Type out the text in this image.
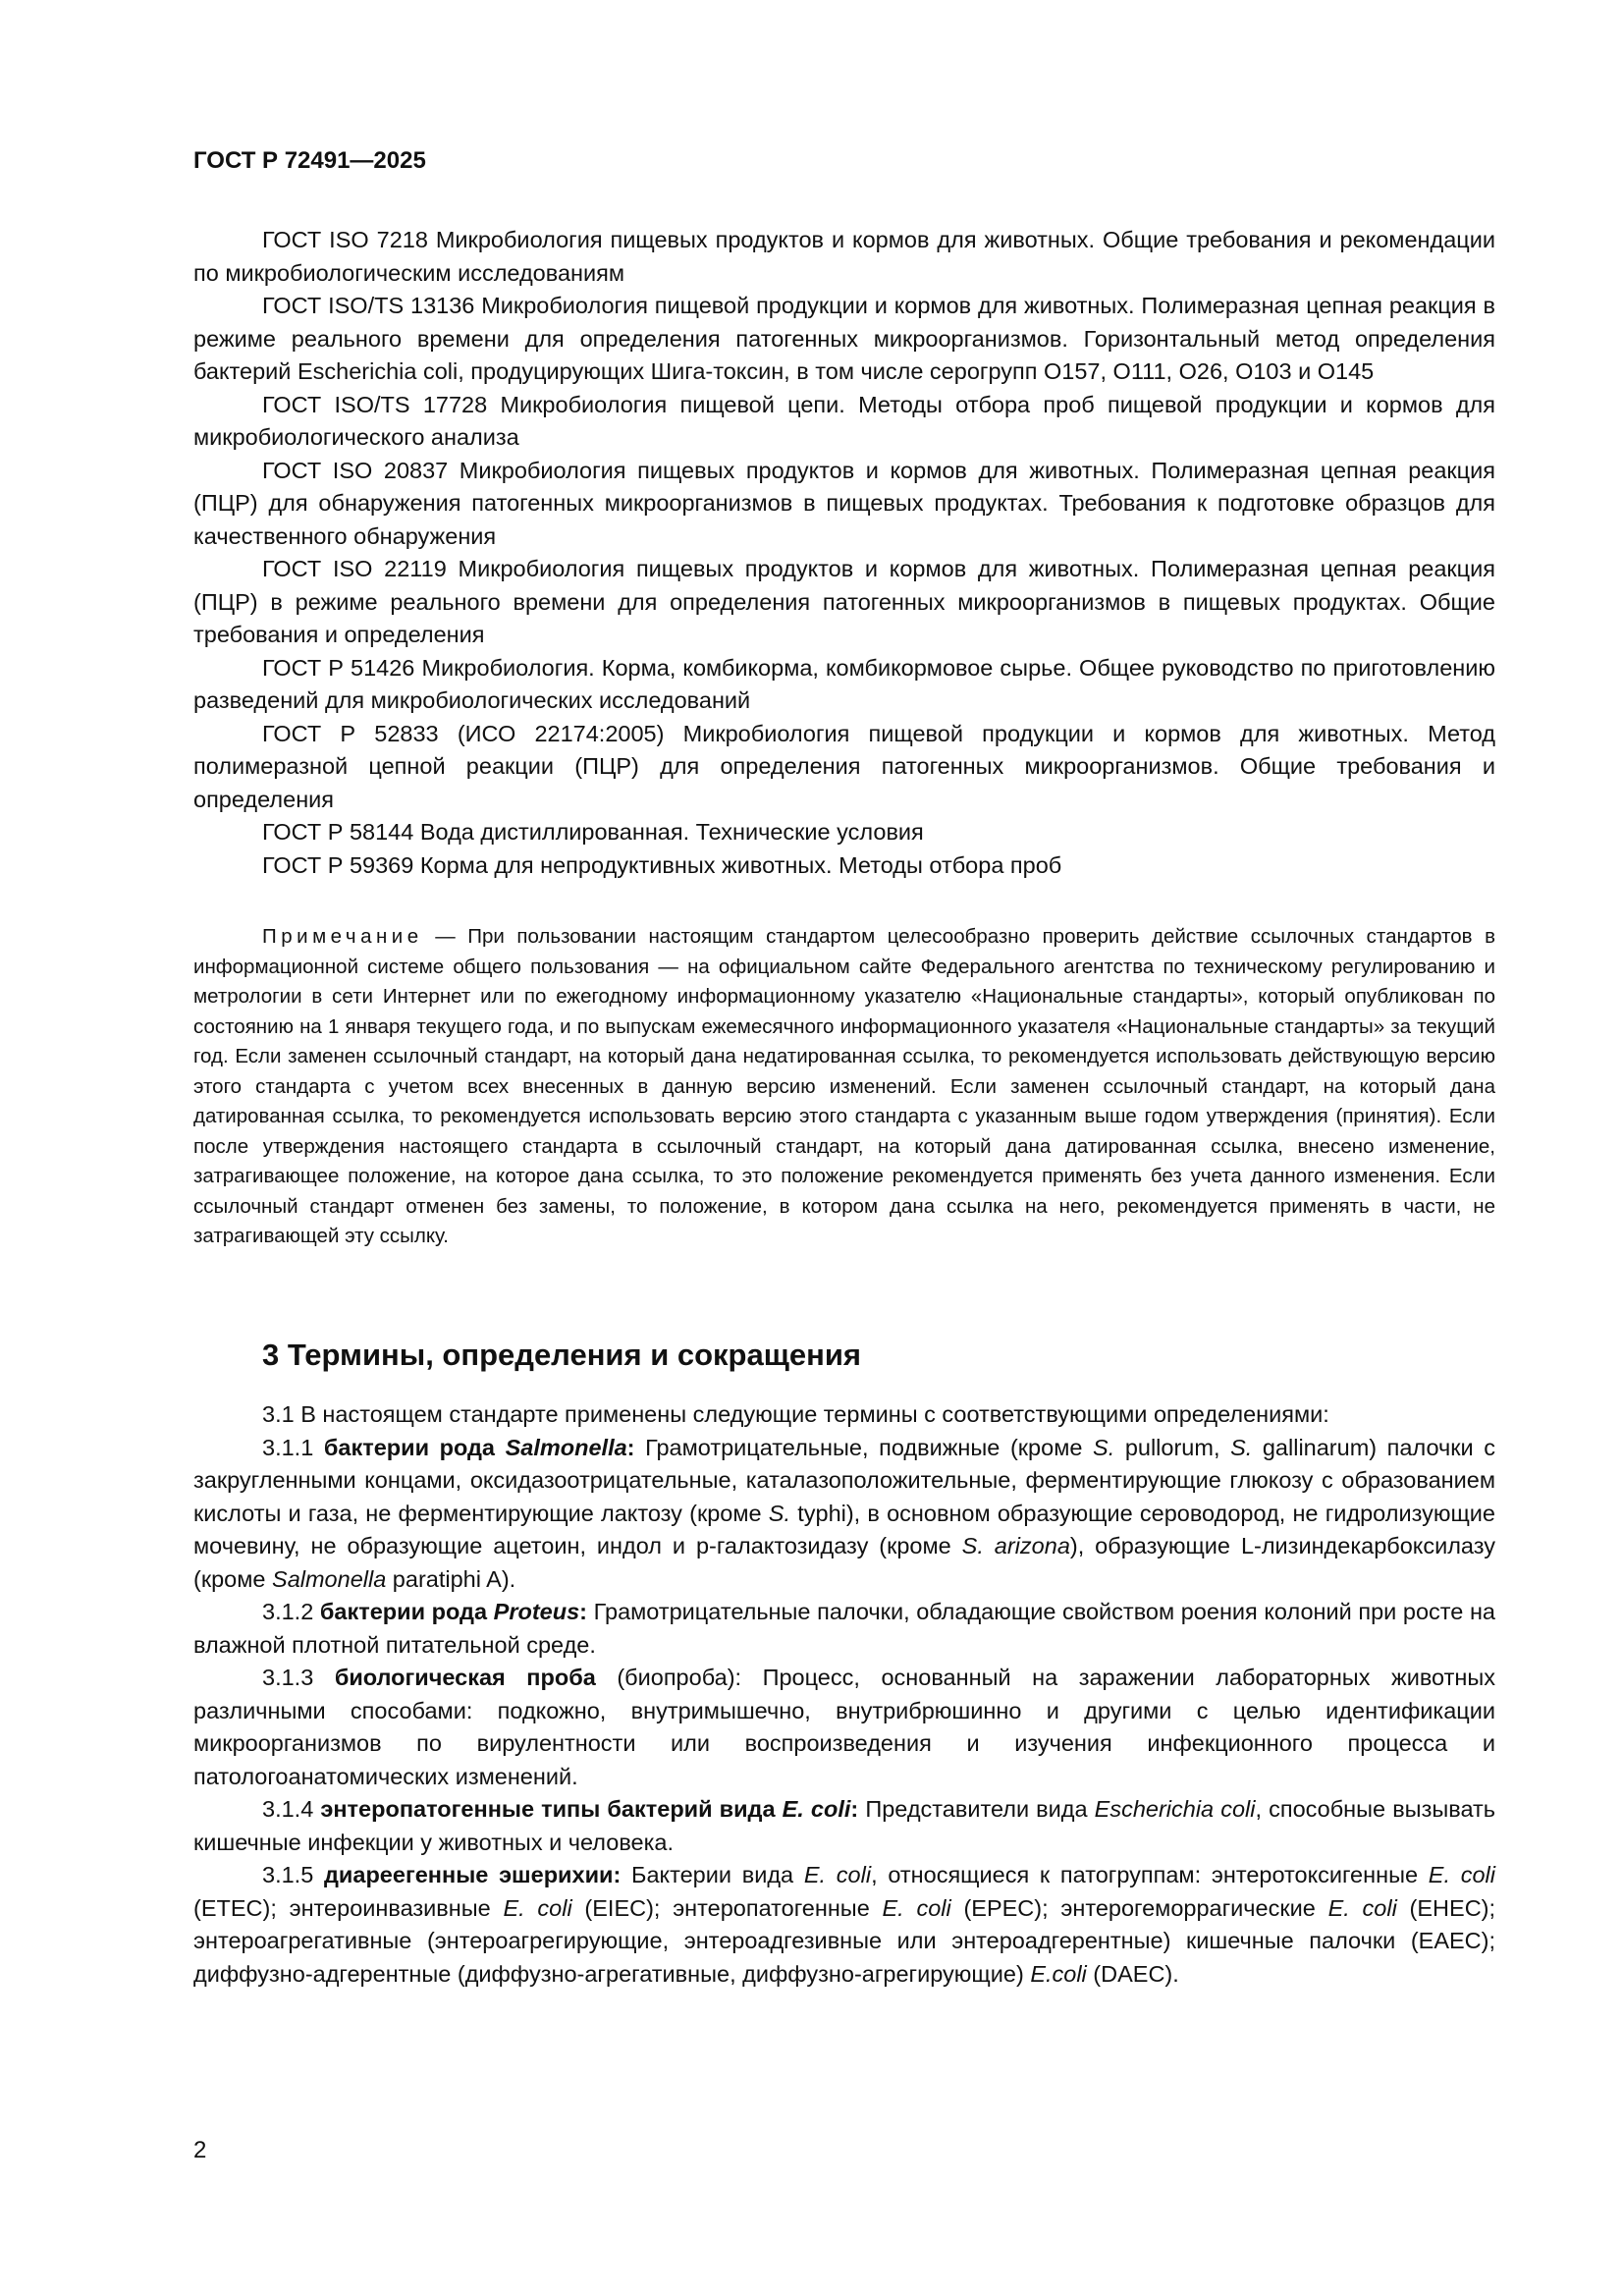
ГОСТ Р 72491—2025

ГОСТ ISO 7218 Микробиология пищевых продуктов и кормов для животных. Общие требования и рекомендации по микробиологическим исследованиям

ГОСТ ISO/TS 13136 Микробиология пищевой продукции и кормов для животных. Полимеразная цепная реакция в режиме реального времени для определения патогенных микроорганизмов. Горизонтальный метод определения бактерий Escherichia coli, продуцирующих Шига-токсин, в том числе серогрупп O157, O111, O26, O103 и O145

ГОСТ ISO/TS 17728 Микробиология пищевой цепи. Методы отбора проб пищевой продукции и кормов для микробиологического анализа

ГОСТ ISO 20837 Микробиология пищевых продуктов и кормов для животных. Полимеразная цепная реакция (ПЦР) для обнаружения патогенных микроорганизмов в пищевых продуктах. Требования к подготовке образцов для качественного обнаружения

ГОСТ ISO 22119 Микробиология пищевых продуктов и кормов для животных. Полимеразная цепная реакция (ПЦР) в режиме реального времени для определения патогенных микроорганизмов в пищевых продуктах. Общие требования и определения

ГОСТ Р 51426 Микробиология. Корма, комбикорма, комбикормовое сырье. Общее руководство по приготовлению разведений для микробиологических исследований

ГОСТ Р 52833 (ИСО 22174:2005) Микробиология пищевой продукции и кормов для животных. Метод полимеразной цепной реакции (ПЦР) для определения патогенных микроорганизмов. Общие требования и определения

ГОСТ Р 58144 Вода дистиллированная. Технические условия

ГОСТ Р 59369 Корма для непродуктивных животных. Методы отбора проб

Примечание — При пользовании настоящим стандартом целесообразно проверить действие ссылочных стандартов в информационной системе общего пользования — на официальном сайте Федерального агентства по техническому регулированию и метрологии в сети Интернет или по ежегодному информационному указателю «Национальные стандарты», который опубликован по состоянию на 1 января текущего года, и по выпускам ежемесячного информационного указателя «Национальные стандарты» за текущий год. Если заменен ссылочный стандарт, на который дана недатированная ссылка, то рекомендуется использовать действующую версию этого стандарта с учетом всех внесенных в данную версию изменений. Если заменен ссылочный стандарт, на который дана датированная ссылка, то рекомендуется использовать версию этого стандарта с указанным выше годом утверждения (принятия). Если после утверждения настоящего стандарта в ссылочный стандарт, на который дана датированная ссылка, внесено изменение, затрагивающее положение, на которое дана ссылка, то это положение рекомендуется применять без учета данного изменения. Если ссылочный стандарт отменен без замены, то положение, в котором дана ссылка на него, рекомендуется применять в части, не затрагивающей эту ссылку.

3 Термины, определения и сокращения

3.1 В настоящем стандарте применены следующие термины с соответствующими определениями:

3.1.1 бактерии рода Salmonella: Грамотрицательные, подвижные (кроме S. pullorum, S. gallinarum) палочки с закругленными концами, оксидазоотрицательные, каталазоположительные, ферментирующие глюкозу с образованием кислоты и газа, не ферментирующие лактозу (кроме S. typhi), в основном образующие сероводород, не гидролизующие мочевину, не образующие ацетоин, индол и р-галактозидазу (кроме S. arizona), образующие L-лизиндекарбоксилазу (кроме Salmonella paratiphi A).

3.1.2 бактерии рода Proteus: Грамотрицательные палочки, обладающие свойством роения колоний при росте на влажной плотной питательной среде.

3.1.3 биологическая проба (биопроба): Процесс, основанный на заражении лабораторных животных различными способами: подкожно, внутримышечно, внутрибрюшинно и другими с целью идентификации микроорганизмов по вирулентности или воспроизведения и изучения инфекционного процесса и патологоанатомических изменений.

3.1.4 энтеропатогенные типы бактерий вида E. coli: Представители вида Escherichia coli, способные вызывать кишечные инфекции у животных и человека.

3.1.5 диареегенные эшерихии: Бактерии вида E. coli, относящиеся к патогруппам: энтеротоксигенные E. coli (ETEC); энтероинвазивные E. coli (EIEC); энтеропатогенные E. coli (EPEC); энтерогеморрагические E. coli (EHEC); энтероагрегативные (энтероагрегирующие, энтероадгезивные или энтероадгерентные) кишечные палочки (EAEC); диффузно-адгерентные (диффузно-агрегативные, диффузно-агрегирующие) E.coli (DAEC).

2
